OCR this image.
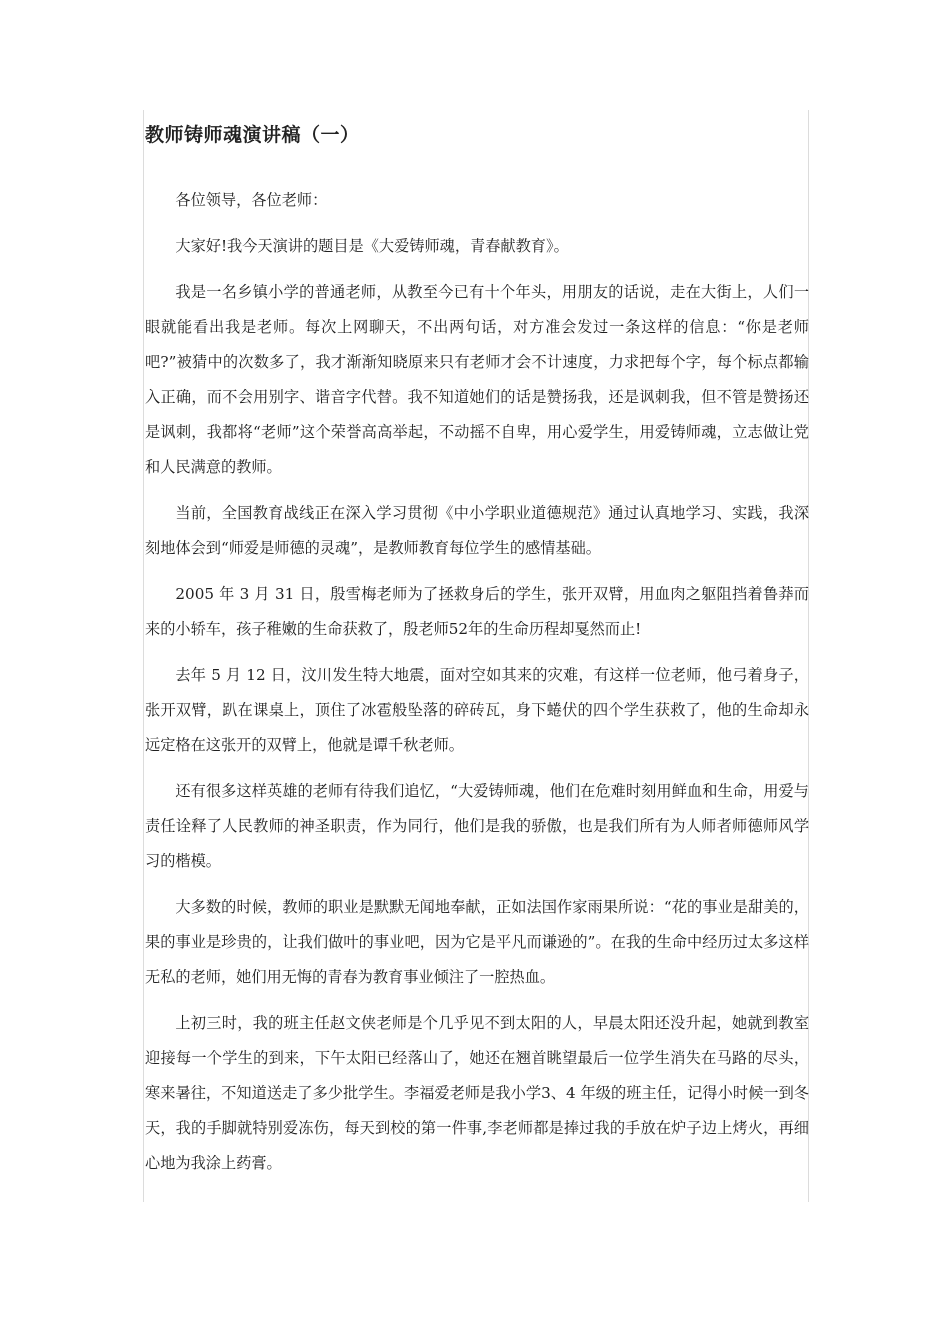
教师铸师魂演讲稿（一）

各位领导，各位老师：

大家好!我今天演讲的题目是《大爱铸师魂，青春献教育》。

我是一名乡镇小学的普通老师，从教至今已有十个年头，用朋友的话说，走在大街上，人们一眼就能看出我是老师。每次上网聊天，不出两句话，对方准会发过一条这样的信息：“你是老师吧?”被猜中的次数多了，我才渐渐知晓原来只有老师才会不计速度，力求把每个字，每个标点都输入正确，而不会用别字、谐音字代替。我不知道她们的话是赞扬我，还是讽刺我，但不管是赞扬还是讽刺，我都将“老师”这个荣誉高高举起，不动摇不自卑，用心爱学生，用爱铸师魂，立志做让党和人民满意的教师。

当前，全国教育战线正在深入学习贯彻《中小学职业道德规范》通过认真地学习、实践，我深刻地体会到“师爱是师德的灵魂”，是教师教育每位学生的感情基础。

2005 年 3 月 31 日，殷雪梅老师为了拯救身后的学生，张开双臂，用血肉之躯阻挡着鲁莽而来的小轿车，孩子稚嫩的生命获救了，殷老师52年的生命历程却戛然而止!

去年 5 月 12 日，汶川发生特大地震，面对空如其来的灾难，有这样一位老师，他弓着身子，张开双臂，趴在课桌上，顶住了冰雹般坠落的碎砖瓦，身下蜷伏的四个学生获救了，他的生命却永远定格在这张开的双臂上，他就是谭千秋老师。

还有很多这样英雄的老师有待我们追忆，“大爱铸师魂，他们在危难时刻用鲜血和生命，用爱与责任诠释了人民教师的神圣职责，作为同行，他们是我的骄傲，也是我们所有为人师者师德师风学习的楷模。

大多数的时候，教师的职业是默默无闻地奉献，正如法国作家雨果所说：“花的事业是甜美的，果的事业是珍贵的，让我们做叶的事业吧，因为它是平凡而谦逊的”。在我的生命中经历过太多这样无私的老师，她们用无悔的青春为教育事业倾注了一腔热血。

上初三时，我的班主任赵文侠老师是个几乎见不到太阳的人，早晨太阳还没升起，她就到教室迎接每一个学生的到来，下午太阳已经落山了，她还在翘首眺望最后一位学生消失在马路的尽头，寒来暑往，不知道送走了多少批学生。李福爱老师是我小学3、4 年级的班主任，记得小时候一到冬天，我的手脚就特别爱冻伤，每天到校的第一件事,李老师都是捧过我的手放在炉子边上烤火，再细心地为我涂上药膏。
